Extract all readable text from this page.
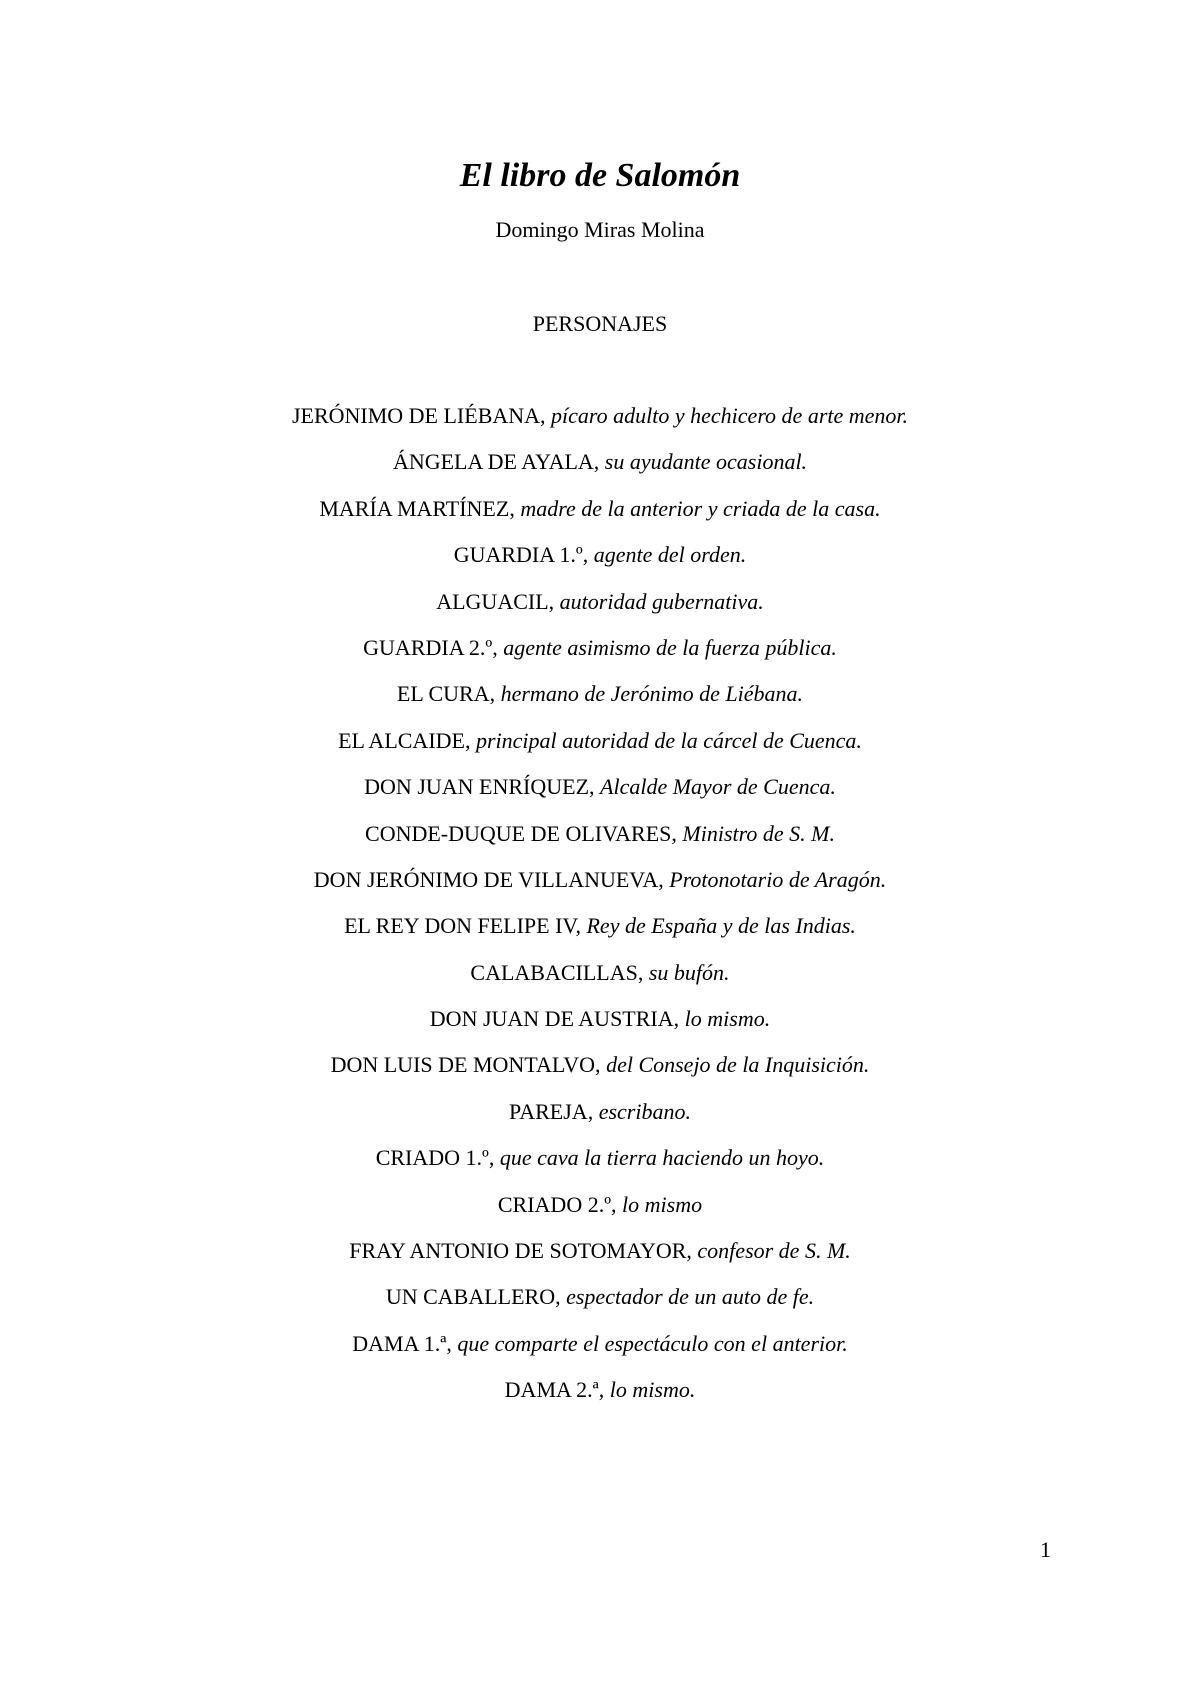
El libro de Salomón

Domingo Miras Molina

PERSONAJES
JERÓNIMO DE LIÉBANA, pícaro adulto y hechicero de arte menor.
ÁNGELA DE AYALA, su ayudante ocasional.
MARÍA MARTÍNEZ, madre de la anterior y criada de la casa.
GUARDIA 1.º, agente del orden.
ALGUACIL, autoridad gubernativa.
GUARDIA 2.º, agente asimismo de la fuerza pública.
EL CURA, hermano de Jerónimo de Liébana.
EL ALCAIDE, principal autoridad de la cárcel de Cuenca.
DON JUAN ENRÍQUEZ, Alcalde Mayor de Cuenca.
CONDE-DUQUE DE OLIVARES, Ministro de S. M.
DON JERÓNIMO DE VILLANUEVA, Protonotario de Aragón.
EL REY DON FELIPE IV, Rey de España y de las Indias.
CALABACILLAS, su bufón.
DON JUAN DE AUSTRIA, lo mismo.
DON LUIS DE MONTALVO, del Consejo de la Inquisición.
PAREJA, escribano.
CRIADO 1.º, que cava la tierra haciendo un hoyo.
CRIADO 2.º, lo mismo
FRAY ANTONIO DE SOTOMAYOR, confesor de S. M.
UN CABALLERO, espectador de un auto de fe.
DAMA 1.ª, que comparte el espectáculo con el anterior.
DAMA 2.ª, lo mismo.
1
